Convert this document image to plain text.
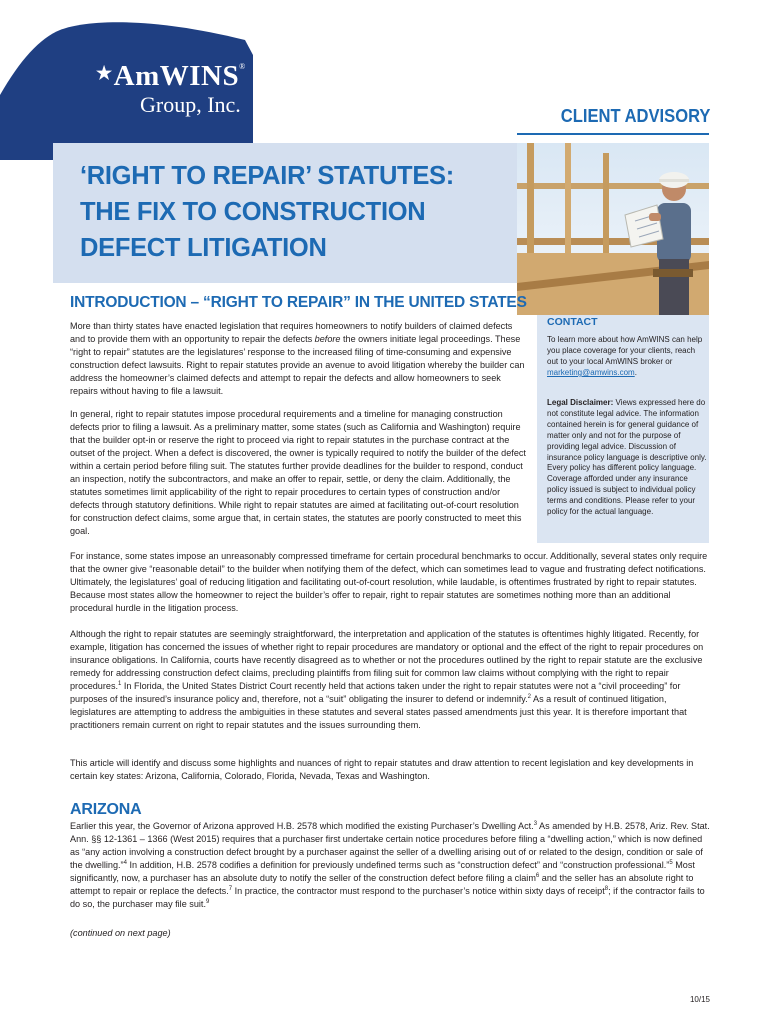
★AmWINS®
Group, Inc.	CLIENT ADVISORY
‘RIGHT TO REPAIR’ STATUTES: THE FIX TO CONSTRUCTION DEFECT LITIGATION
INTRODUCTION – “RIGHT TO REPAIR” IN THE UNITED STATES

More than thirty states have enacted legislation that requires homeowners to notify builders of claimed defects and to provide them with an opportunity to repair the defects before the owners initiate legal proceedings. These “right to repair” statutes are the legislatures’ response to the increased filing of time-consuming and expensive construction defect lawsuits. Right to repair statutes provide an avenue to avoid litigation whereby the builder can address the homeowner’s claimed defects and attempt to repair the defects and allow homeowners to seek repairs without having to file a lawsuit.

In general, right to repair statutes impose procedural requirements and a timeline for managing construction defects prior to filing a lawsuit. As a preliminary matter, some states (such as California and Washington) require that the builder opt-in or reserve the right to proceed via right to repair statutes in the purchase contract at the outset of the project. When a defect is discovered, the owner is typically required to notify the builder of the defect within a certain period before filing suit. The statutes further provide deadlines for the builder to respond, conduct an inspection, notify the subcontractors, and make an offer to repair, settle, or deny the claim. Additionally, the statutes sometimes limit applicability of the right to repair procedures to certain types of construction and/or defects through statutory definitions. While right to repair statutes are aimed at facilitating out-of-court resolution for construction defect claims, some argue that, in certain states, the statutes are poorly constructed to meet this goal.

For instance, some states impose an unreasonably compressed timeframe for certain procedural benchmarks to occur. Additionally, several states only require that the owner give “reasonable detail” to the builder when notifying them of the defect, which can sometimes lead to vague and frustrating defect notifications. Ultimately, the legislatures’ goal of reducing litigation and facilitating out-of-court resolution, while laudable, is oftentimes frustrated by right to repair statutes. Because most states allow the homeowner to reject the builder’s offer to repair, right to repair statutes are sometimes nothing more than an additional procedural hurdle in the litigation process.

Although the right to repair statutes are seemingly straightforward, the interpretation and application of the statutes is oftentimes highly litigated. Recently, for example, litigation has concerned the issues of whether right to repair procedures are mandatory or optional and the effect of the right to repair procedures on insurance obligations. In California, courts have recently disagreed as to whether or not the procedures outlined by the right to repair statute are the exclusive remedy for addressing construction defect claims, precluding plaintiffs from filing suit for common law claims without complying with the right to repair procedures.$^1$ In Florida, the United States District Court recently held that actions taken under the right to repair statutes were not a “civil proceeding” for purposes of the insured’s insurance policy and, therefore, not a “suit” obligating the insurer to defend or indemnify.$^2$ As a result of continued litigation, legislatures are attempting to address the ambiguities in these statutes and several states passed amendments just this year. It is therefore important that practitioners remain current on right to repair statutes and the issues surrounding them.

This article will identify and discuss some highlights and nuances of right to repair statutes and draw attention to recent legislation and key developments in certain key states: Arizona, California, Colorado, Florida, Nevada, Texas and Washington.

ARIZONA

Earlier this year, the Governor of Arizona approved H.B. 2578 which modified the existing Purchaser’s Dwelling Act.$^3$ As amended by H.B. 2578, Ariz. Rev. Stat. Ann. §§ 12-1361 – 1366 (West 2015) requires that a purchaser first undertake certain notice procedures before filing a “dwelling action,” which is now defined as “any action involving a construction defect brought by a purchaser against the seller of a dwelling arising out of or related to the design, condition or sale of the dwelling.”$^4$ In addition, H.B. 2578 codifies a definition for previously undefined terms such as “construction defect” and “construction professional.”$^5$ Most significantly, now, a purchaser has an absolute duty to notify the seller of the construction defect before filing a claim$^6$ and the seller has an absolute right to attempt to repair or replace the defects.$^7$ In practice, the contractor must respond to the purchaser’s notice within sixty days of receipt$^8$; if the contractor fails to do so, the purchaser may file suit.$^9$

(continued on next page)

10/15

CONTACT

To learn more about how AmWINS can help you place coverage for your clients, reach out to your local AmWINS broker or marketing@amwins.com.

Legal Disclaimer: Views expressed here do not constitute legal advice. The information contained herein is for general guidance of matter only and not for the purpose of providing legal advice. Discussion of insurance policy language is descriptive only. Every policy has different policy language. Coverage afforded under any insurance policy issued is subject to individual policy terms and conditions. Please refer to your policy for the actual language.
